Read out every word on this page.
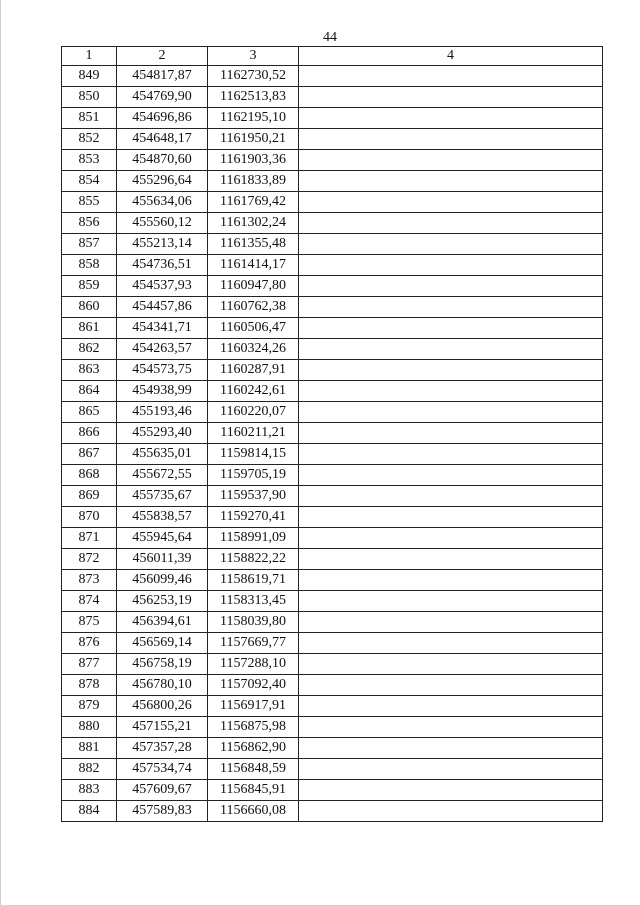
44
1	2	3	4
849	454817,87	1162730,52	
850	454769,90	1162513,83	
851	454696,86	1162195,10	
852	454648,17	1161950,21	
853	454870,60	1161903,36	
854	455296,64	1161833,89	
855	455634,06	1161769,42	
856	455560,12	1161302,24	
857	455213,14	1161355,48	
858	454736,51	1161414,17	
859	454537,93	1160947,80	
860	454457,86	1160762,38	
861	454341,71	1160506,47	
862	454263,57	1160324,26	
863	454573,75	1160287,91	
864	454938,99	1160242,61	
865	455193,46	1160220,07	
866	455293,40	1160211,21	
867	455635,01	1159814,15	
868	455672,55	1159705,19	
869	455735,67	1159537,90	
870	455838,57	1159270,41	
871	455945,64	1158991,09	
872	456011,39	1158822,22	
873	456099,46	1158619,71	
874	456253,19	1158313,45	
875	456394,61	1158039,80	
876	456569,14	1157669,77	
877	456758,19	1157288,10	
878	456780,10	1157092,40	
879	456800,26	1156917,91	
880	457155,21	1156875,98	
881	457357,28	1156862,90	
882	457534,74	1156848,59	
883	457609,67	1156845,91	
884	457589,83	1156660,08	
